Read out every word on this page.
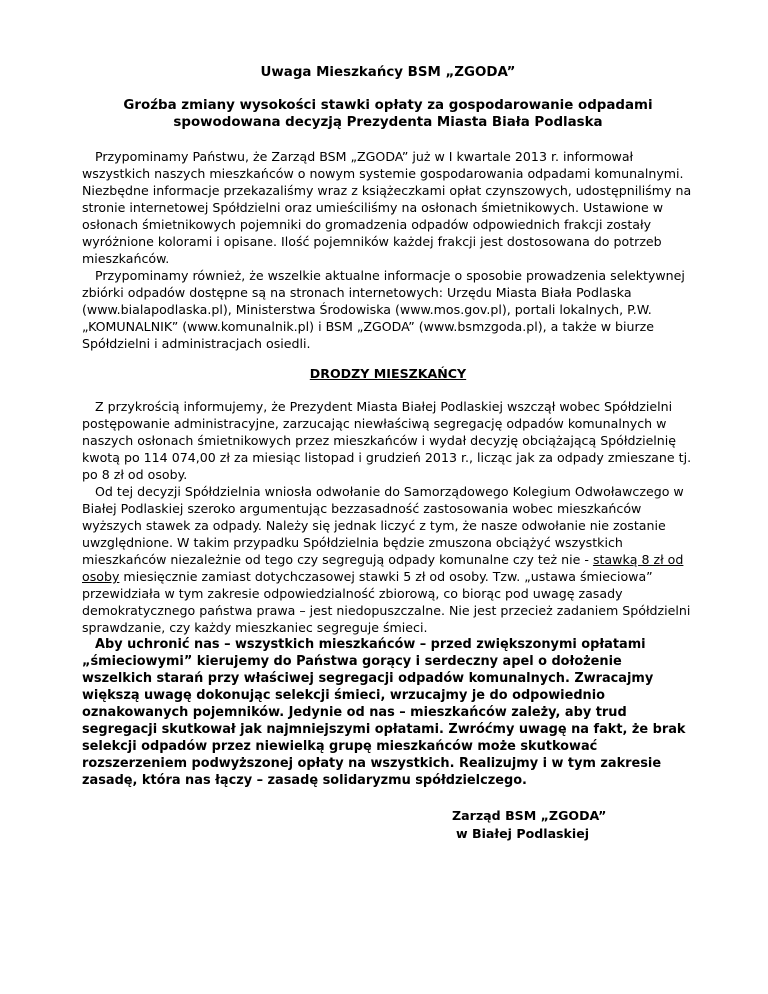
Uwaga Mieszkańcy BSM „ZGODA”
Groźba zmiany wysokości stawki opłaty za gospodarowanie odpadami spowodowana decyzją Prezydenta Miasta Biała Podlaska

Przypominamy Państwu, że Zarząd BSM „ZGODA” już w I kwartale 2013 r. informował wszystkich naszych mieszkańców o nowym systemie gospodarowania odpadami komunalnymi. Niezbędne informacje przekazaliśmy wraz z książeczkami opłat czynszowych, udostępniliśmy na stronie internetowej Spółdzielni oraz umieściliśmy na osłonach śmietnikowych. Ustawione w osłonach śmietnikowych pojemniki do gromadzenia odpadów odpowiednich frakcji zostały wyróżnione kolorami i opisane. Ilość pojemników każdej frakcji jest dostosowana do potrzeb mieszkańców.

Przypominamy również, że wszelkie aktualne informacje o sposobie prowadzenia selektywnej zbiórki odpadów dostępne są na stronach internetowych: Urzędu Miasta Biała Podlaska (www.bialapodlaska.pl), Ministerstwa Środowiska (www.mos.gov.pl), portali lokalnych, P.W. „KOMUNALNIK” (www.komunalnik.pl) i BSM „ZGODA” (www.bsmzgoda.pl), a także w biurze Spółdzielni i administracjach osiedli.

DRODZY MIESZKAŃCY

Z przykrością informujemy, że Prezydent Miasta Białej Podlaskiej wszczął wobec Spółdzielni postępowanie administracyjne, zarzucając niewłaściwą segregację odpadów komunalnych w naszych osłonach śmietnikowych przez mieszkańców i wydał decyzję obciążającą Spółdzielnię kwotą po 114 074,00 zł za miesiąc listopad i grudzień 2013 r., licząc jak za odpady zmieszane tj. po 8 zł od osoby.

Od tej decyzji Spółdzielnia wniosła odwołanie do Samorządowego Kolegium Odwoławczego w Białej Podlaskiej szeroko argumentując bezzasadność zastosowania wobec mieszkańców wyższych stawek za odpady. Należy się jednak liczyć z tym, że nasze odwołanie nie zostanie uwzględnione. W takim przypadku Spółdzielnia będzie zmuszona obciążyć wszystkich mieszkańców niezależnie od tego czy segregują odpady komunalne czy też nie - stawką 8 zł od osoby miesięcznie zamiast dotychczasowej stawki 5 zł od osoby. Tzw. „ustawa śmieciowa” przewidziała w tym zakresie odpowiedzialność zbiorową, co biorąc pod uwagę zasady demokratycznego państwa prawa – jest niedopuszczalne. Nie jest przecież zadaniem Spółdzielni sprawdzanie, czy każdy mieszkaniec segreguje śmieci.

Aby uchronić nas – wszystkich mieszkańców – przed zwiększonymi opłatami „śmieciowymi” kierujemy do Państwa gorący i serdeczny apel o dołożenie wszelkich starań przy właściwej segregacji odpadów komunalnych. Zwracajmy większą uwagę dokonując selekcji śmieci, wrzucajmy je do odpowiednio oznakowanych pojemników. Jedynie od nas – mieszkańców zależy, aby trud segregacji skutkował jak najmniejszymi opłatami. Zwróćmy uwagę na fakt, że brak selekcji odpadów przez niewielką grupę mieszkańców może skutkować rozszerzeniem podwyższonej opłaty na wszystkich. Realizujmy i w tym zakresie zasadę, która nas łączy – zasadę solidaryzmu spółdzielczego.

Zarząd BSM „ZGODA”
w Białej Podlaskiej
